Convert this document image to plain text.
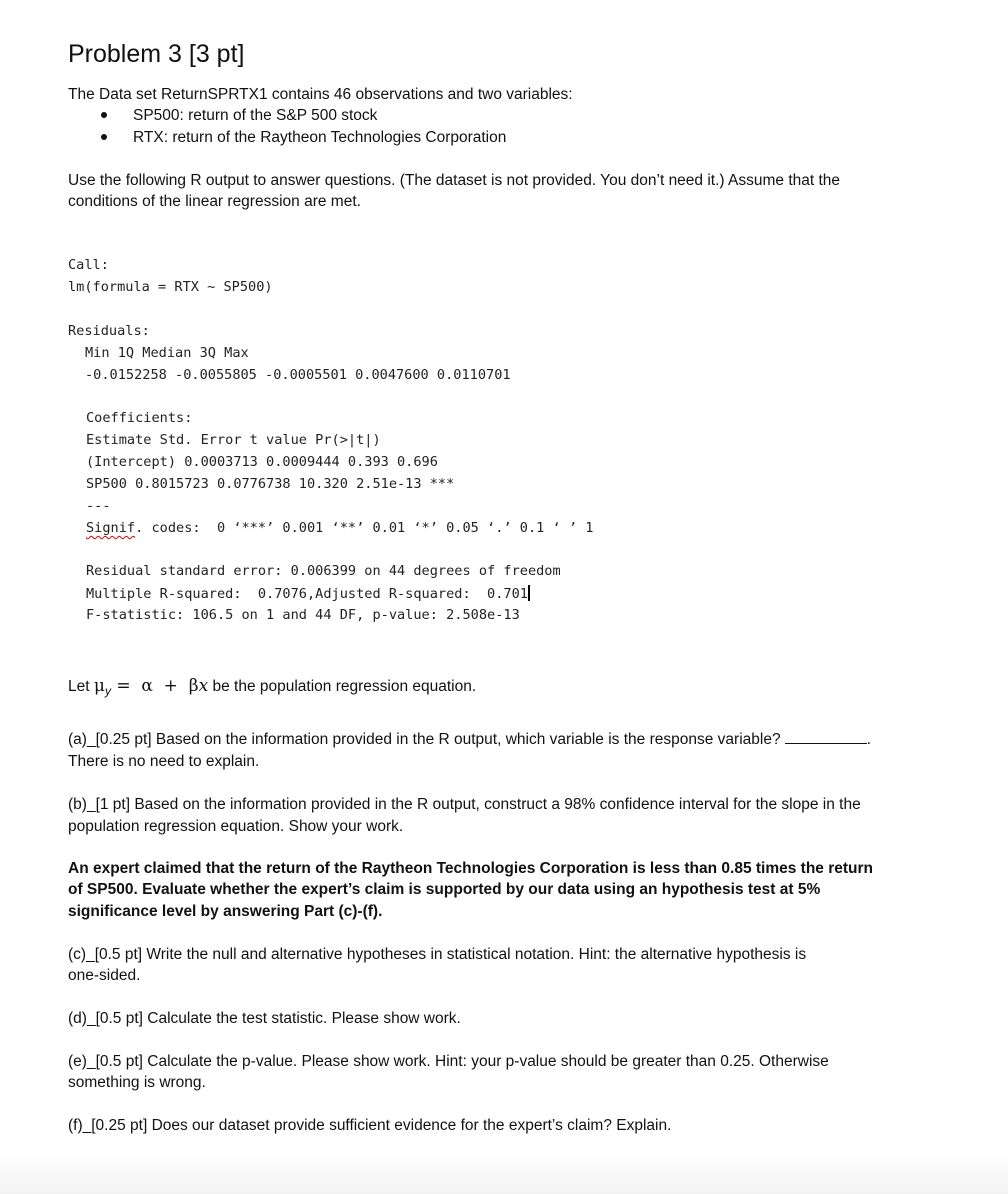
Problem 3 [3 pt]
The Data set ReturnSPRTX1 contains 46 observations and two variables:
SP500: return of the S&P 500 stock
RTX: return of the Raytheon Technologies Corporation
Use the following R output to answer questions. (The dataset is not provided. You don’t need it.) Assume that the
conditions of the linear regression are met.
Call:
lm(formula = RTX ~ SP500)
Residuals:
Min 1Q Median 3Q Max
-0.0152258 -0.0055805 -0.0005501 0.0047600 0.0110701
Coefficients:
Estimate Std. Error t value Pr(>|t|)
(Intercept) 0.0003713 0.0009444 0.393 0.696
SP500 0.8015723 0.0776738 10.320 2.51e-13 ***
---
Signif. codes:  0 ‘***’ 0.001 ‘**’ 0.01 ‘*’ 0.05 ‘.’ 0.1 ‘ ’ 1
Residual standard error: 0.006399 on 44 degrees of freedom
Multiple R-squared:  0.7076,Adjusted R-squared:  0.701
F-statistic: 106.5 on 1 and 44 DF, p-value: 2.508e-13
Let $\mu_y = \alpha + \beta x$ be the population regression equation.
(a)_[0.25 pt] Based on the information provided in the R output, which variable is the response variable?	.
There is no need to explain.
(b)_[1 pt] Based on the information provided in the R output, construct a 98% confidence interval for the slope in the
population regression equation. Show your work.
An expert claimed that the return of the Raytheon Technologies Corporation is less than 0.85 times the return
of SP500. Evaluate whether the expert’s claim is supported by our data using an hypothesis test at 5%
significance level by answering Part (c)-(f).
(c)_[0.5 pt] Write the null and alternative hypotheses in statistical notation. Hint: the alternative hypothesis is
one-sided.
(d)_[0.5 pt] Calculate the test statistic. Please show work.
(e)_[0.5 pt] Calculate the p-value. Please show work. Hint: your p-value should be greater than 0.25. Otherwise
something is wrong.
(f)_[0.25 pt] Does our dataset provide sufficient evidence for the expert’s claim? Explain.
